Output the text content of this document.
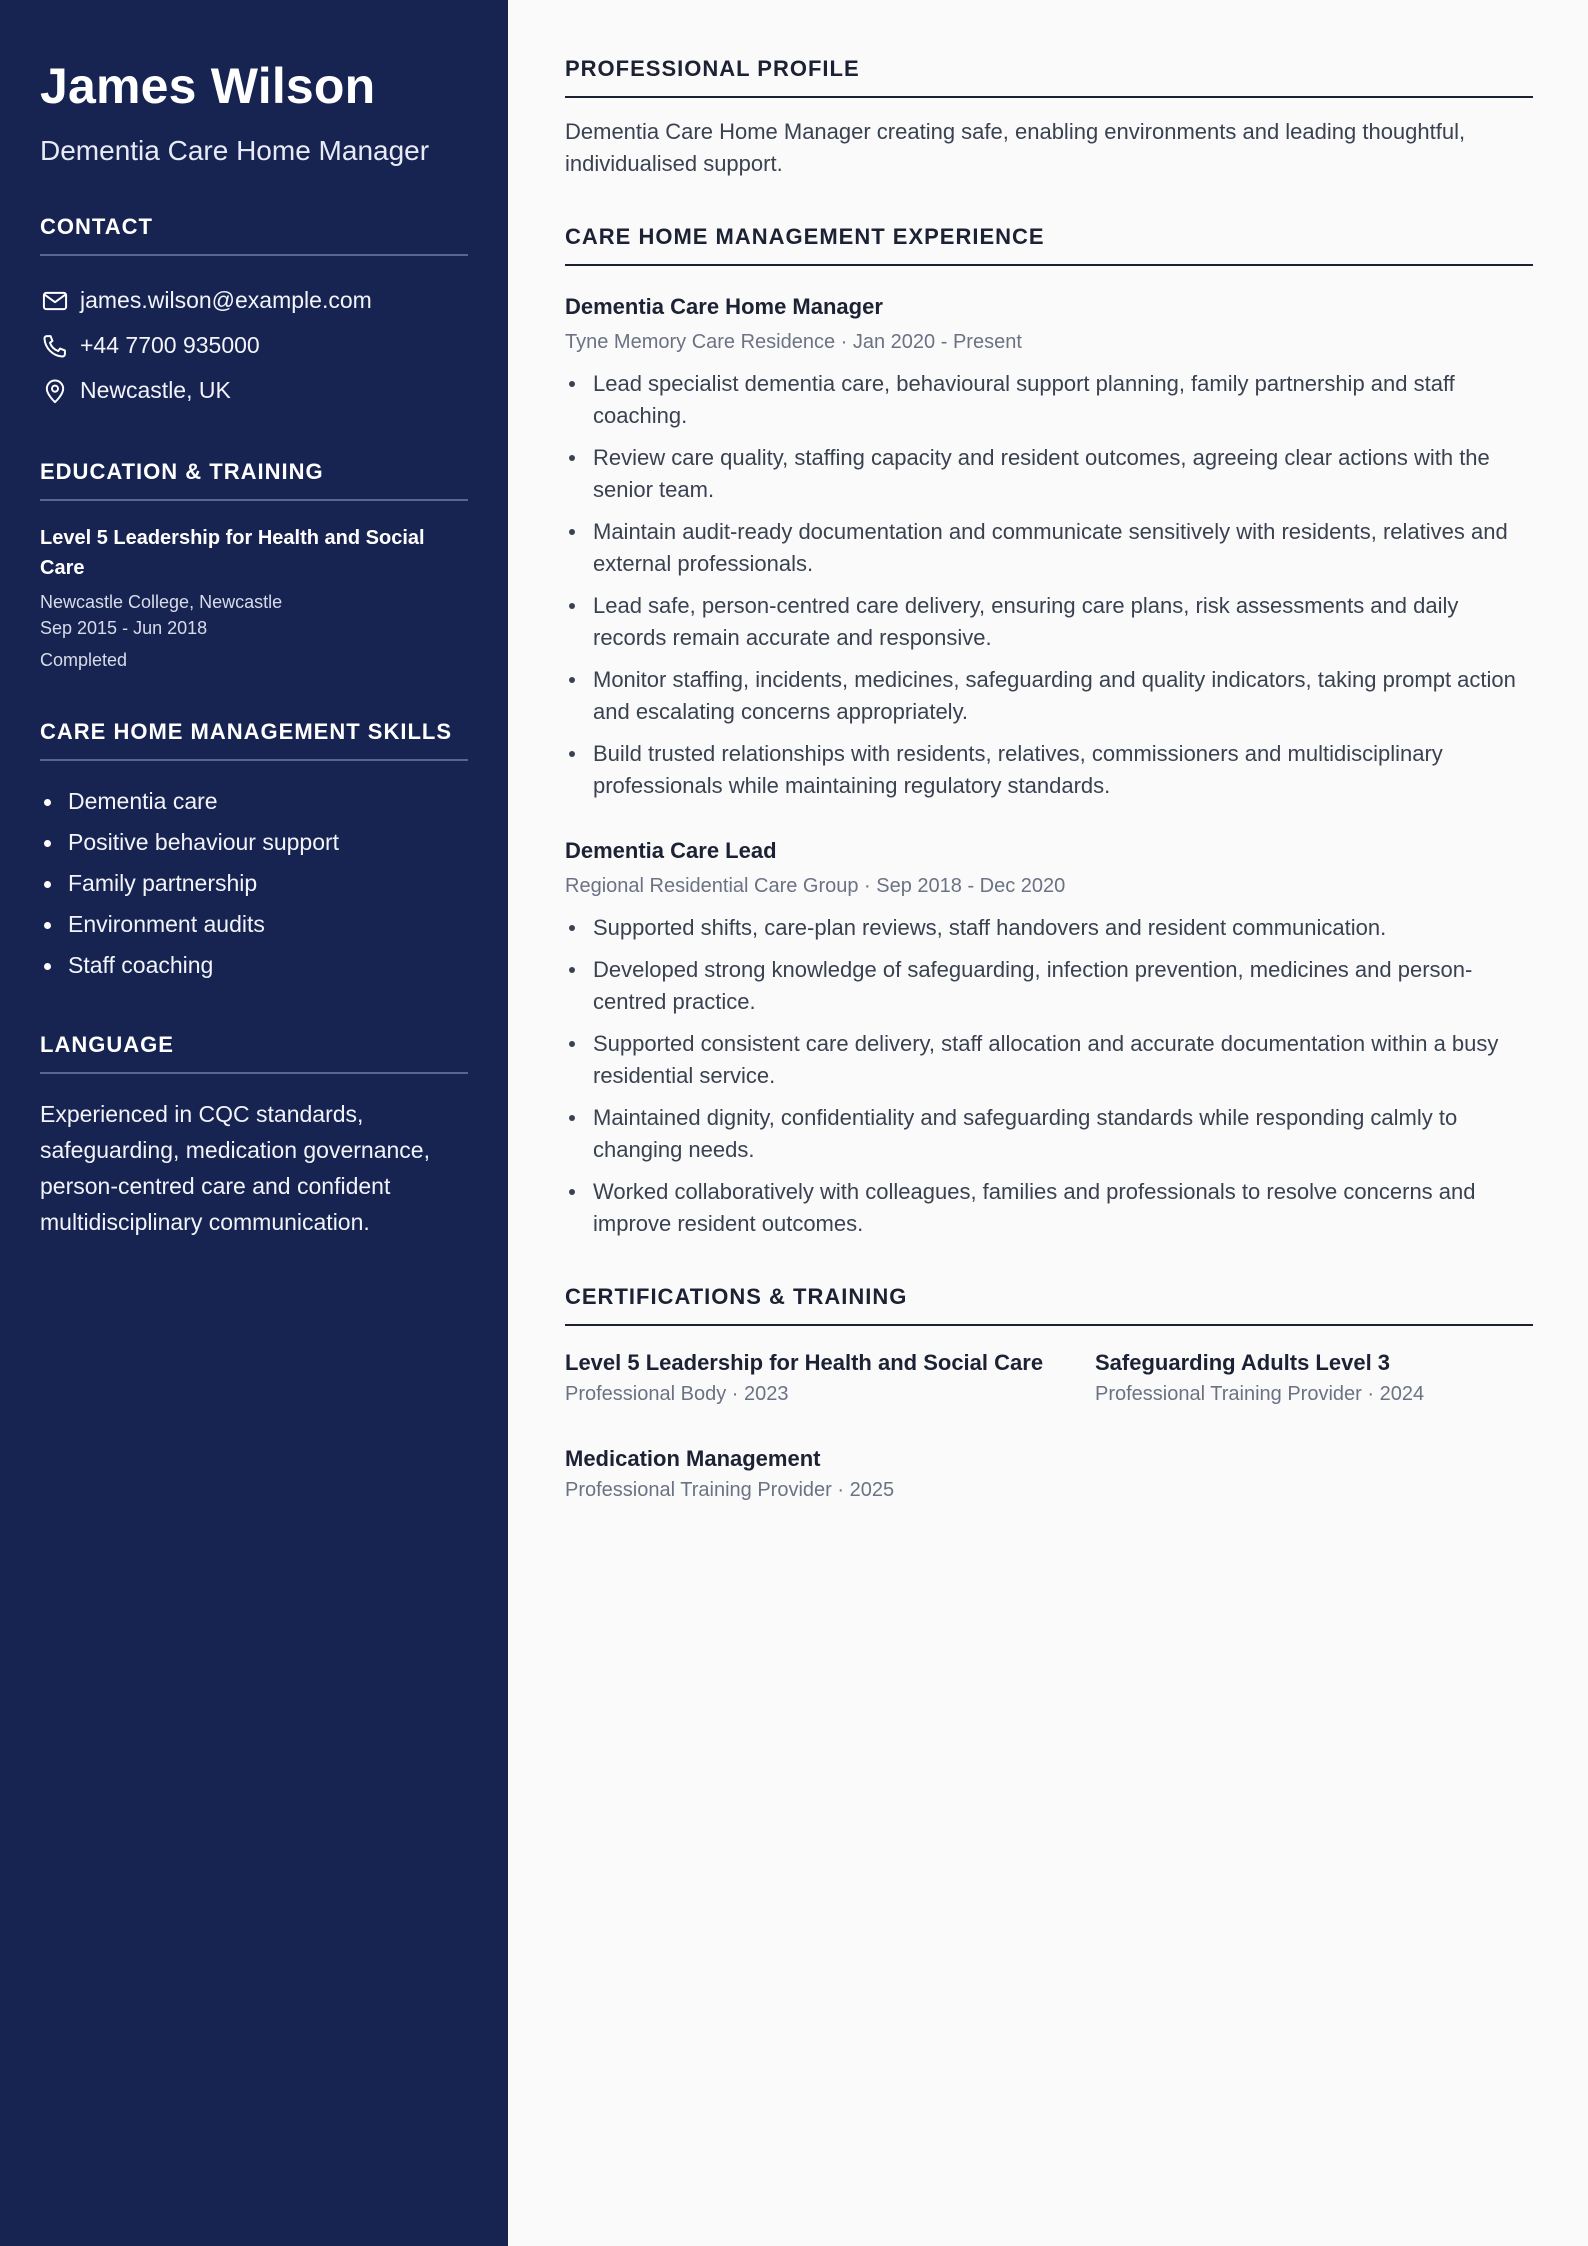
James Wilson
Dementia Care Home Manager
CONTACT
james.wilson@example.com
+44 7700 935000
Newcastle, UK
EDUCATION & TRAINING
Level 5 Leadership for Health and Social Care
Newcastle College, Newcastle
Sep 2015 - Jun 2018
Completed
CARE HOME MANAGEMENT SKILLS
Dementia care
Positive behaviour support
Family partnership
Environment audits
Staff coaching
LANGUAGE

Experienced in CQC standards, safeguarding, medication governance, person-centred care and confident multidisciplinary communication.

PROFESSIONAL PROFILE

Dementia Care Home Manager creating safe, enabling environments and leading thoughtful, individualised support.

CARE HOME MANAGEMENT EXPERIENCE
Dementia Care Home Manager
Tyne Memory Care Residence · Jan 2020 - Present
Lead specialist dementia care, behavioural support planning, family partnership and staff coaching.
Review care quality, staffing capacity and resident outcomes, agreeing clear actions with the senior team.
Maintain audit-ready documentation and communicate sensitively with residents, relatives and external professionals.
Lead safe, person-centred care delivery, ensuring care plans, risk assessments and daily records remain accurate and responsive.
Monitor staffing, incidents, medicines, safeguarding and quality indicators, taking prompt action and escalating concerns appropriately.
Build trusted relationships with residents, relatives, commissioners and multidisciplinary professionals while maintaining regulatory standards.
Dementia Care Lead
Regional Residential Care Group · Sep 2018 - Dec 2020
Supported shifts, care-plan reviews, staff handovers and resident communication.
Developed strong knowledge of safeguarding, infection prevention, medicines and person-centred practice.
Supported consistent care delivery, staff allocation and accurate documentation within a busy residential service.
Maintained dignity, confidentiality and safeguarding standards while responding calmly to changing needs.
Worked collaboratively with colleagues, families and professionals to resolve concerns and improve resident outcomes.
CERTIFICATIONS & TRAINING
Level 5 Leadership for Health and Social Care
Professional Body · 2023
Safeguarding Adults Level 3
Professional Training Provider · 2024
Medication Management
Professional Training Provider · 2025
